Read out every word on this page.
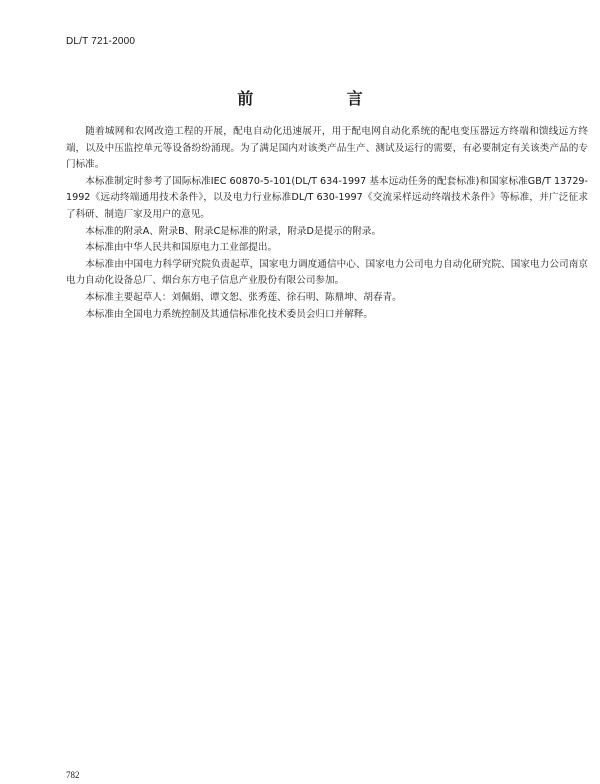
DL/T 721-2000
前 言

随着城网和农网改造工程的开展，配电自动化迅速展开，用于配电网自动化系统的配电变压器远方终端和馈线远方终端，以及中压监控单元等设备纷纷涌现。为了满足国内对该类产品生产、测试及运行的需要，有必要制定有关该类产品的专门标准。

本标准制定时参考了国际标准IEC 60870-5-101(DL/T 634-1997 基本远动任务的配套标准)和国家标准GB/T 13729-1992《远动终端通用技术条件》，以及电力行业标准DL/T 630-1997《交流采样远动终端技术条件》等标准，并广泛征求了科研、制造厂家及用户的意见。

本标准的附录A、附录B、附录C是标准的附录，附录D是提示的附录。

本标准由中华人民共和国原电力工业部提出。

本标准由中国电力科学研究院负责起草，国家电力调度通信中心、国家电力公司电力自动化研究院、国家电力公司南京电力自动化设备总厂、烟台东方电子信息产业股份有限公司参加。

本标准主要起草人：刘佩娟、谭文恕、张秀莲、徐石明、陈鼎坤、胡春青。

本标准由全国电力系统控制及其通信标准化技术委员会归口并解释。

782
